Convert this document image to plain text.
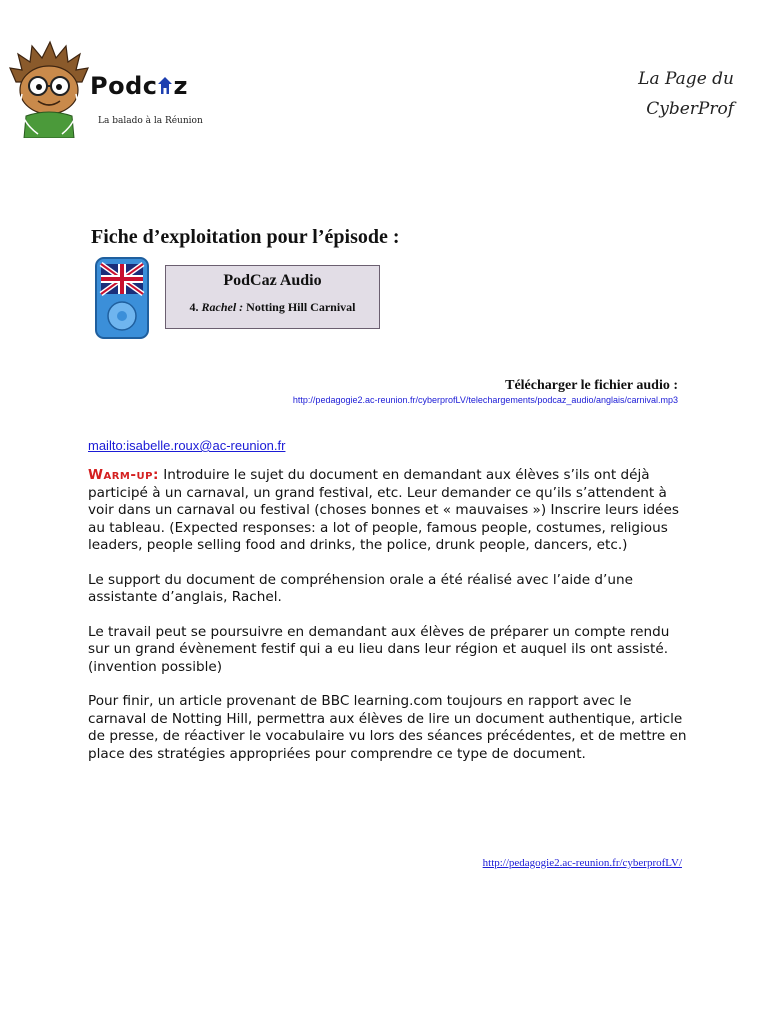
Podc z
La balado à la Réunion
La Page du
CyberProf
Fiche d’exploitation pour l’épisode :
PodCaz Audio
4. Rachel : Notting Hill Carnival
Télécharger le fichier audio :
http://pedagogie2.ac-reunion.fr/cyberprofLV/telechargements/podcaz_audio/anglais/carnival.mp3
mailto:isabelle.roux@ac-reunion.fr

Warm-up: Introduire le sujet du document en demandant aux élèves s’ils ont déjà participé à un carnaval, un grand festival, etc. Leur demander ce qu’ils s’attendent à voir dans un carnaval ou festival (choses bonnes et « mauvaises ») Inscrire leurs idées au tableau. (Expected responses: a lot of people, famous people, costumes, religious leaders, people selling food and drinks, the police, drunk people, dancers, etc.)

Le support du document de compréhension orale a été réalisé avec l’aide d’une assistante d’anglais, Rachel.

Le travail peut se poursuivre en demandant aux élèves de préparer un compte rendu sur un grand évènement festif qui a eu lieu dans leur région et auquel ils ont assisté. (invention possible)

Pour finir, un article provenant de BBC learning.com toujours en rapport avec le carnaval de Notting Hill, permettra aux élèves de lire un document authentique, article de presse, de réactiver le vocabulaire vu lors des séances précédentes, et de mettre en place des stratégies appropriées pour comprendre ce type de document.

http://pedagogie2.ac-reunion.fr/cyberprofLV/
